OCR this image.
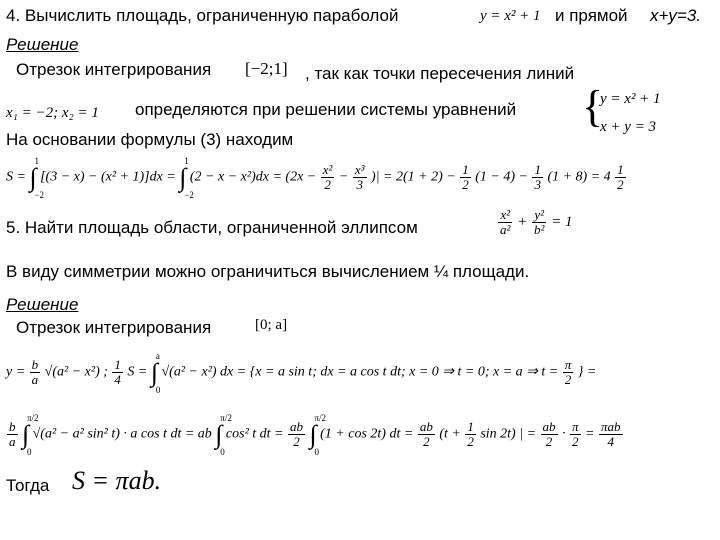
4. Вычислить площадь, ограниченную параболой	y = x² + 1 и прямой x+y=3.
Решение
Отрезок интегрирования [−2;1] , так как точки пересечения линий
x₁ = −2; x₂ = 1 определяются при решении системы уравнений {
y = x² + 1
x + y = 3
На основании формулы (3) находим
S = ∫
1
−2
[(3 − x) − (x² + 1)]dx = ∫
1
−2
$(2 - x - x^2)dx = (2x - \frac{\text{x²}}{2} - \frac{\text{x³}}{3}$ )| = $2(1 + 2) - \frac{1}{2} (1 - 4) - \frac{1}{3} (1 + 8) = 4 \frac{1}{2}$
5. Найти площадь области, ограниченной эллипсом	$\frac{\text{x²}}{\text{a²}} + \frac{\text{y²}}{\text{b²}} = 1$
В виду симметрии можно ограничиться вычислением ¼ площади.
Решение
Отрезок интегрирования	[0; a]
$y = \frac{b}{a} √(a^2 - x^2)$ ; $\frac{1}{4}$ S = ∫
a
0
√(a² − x²) dx = {x = a sin t; dx = a cos t dt; x = 0 ⇒ t = 0; x = a ⇒ $t = \frac{\pi}{2}$ } =
$\frac{b}{a}$ ∫
π/2
0
√(a² − a² sin² t) · a cos t dt = ab ∫
π/2
0
cos² t dt = $\frac{ab}{2}$ ∫
π/2
0
(1 + cos 2t) dt = $\frac{ab}{2} (t + \frac{1}{2}$ sin 2t) | = $\frac{ab}{2} \cdot \frac{\pi}{2} = \frac{\text{πab}}{4}$
Тогда S = πab.
